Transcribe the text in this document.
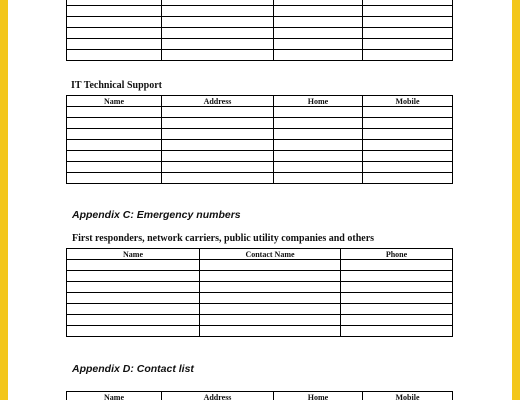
IT Technical Support
Name	Address	Home	Mobile

Appendix C: Emergency numbers
First responders, network carriers, public utility companies and others
Name	Contact Name	Phone

Appendix D: Contact list
Name	Address	Home	Mobile
